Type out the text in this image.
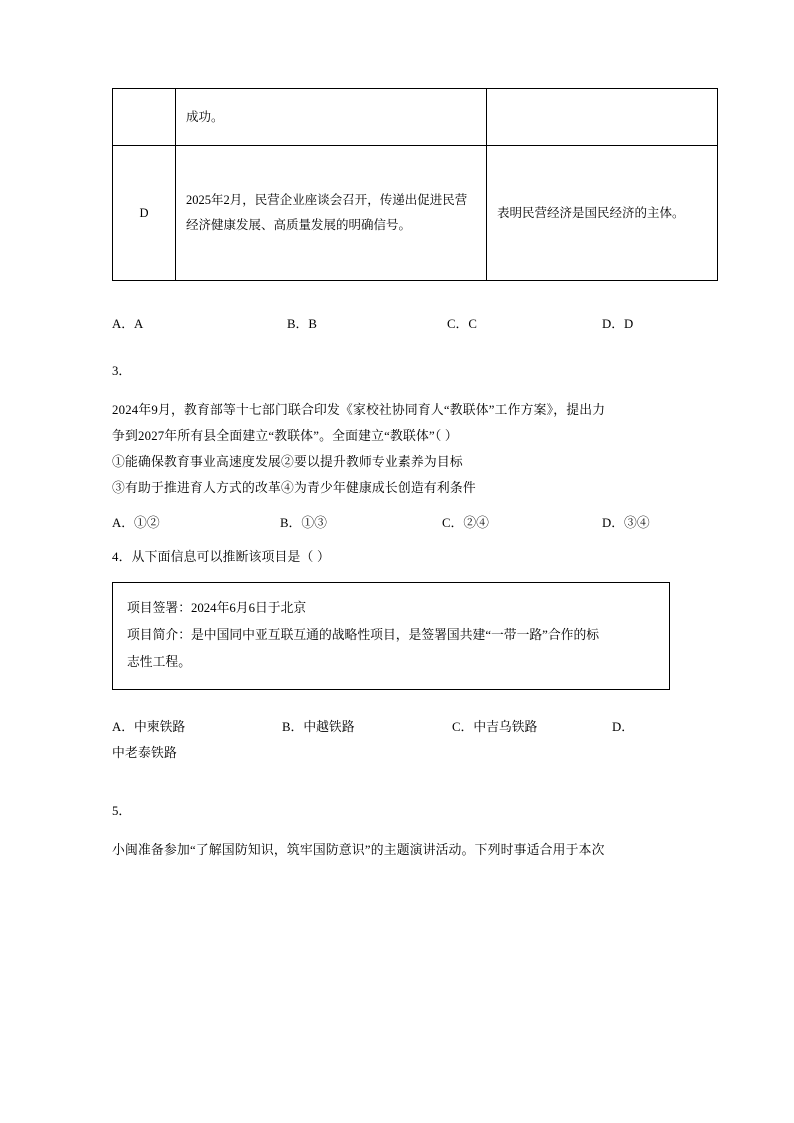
	成功。	
D	2025年2月，民营企业座谈会召开，传递出促进民营经济健康发展、高质量发展的明确信号。	表明民营经济是国民经济的主体。
A．A	B．B	C．C	D．D

3．

2024年9月，教育部等十七部门联合印发《家校社协同育人“教联体”工作方案》，提出力

争到2027年所有县全面建立“教联体”。全面建立“教联体”（ ）

①能确保教育事业高速度发展②要以提升教师专业素养为目标

③有助于推进育人方式的改革④为青少年健康成长创造有利条件

A．①②	B．①③	C．②④	D．③④

4．从下面信息可以推断该项目是（ ）

项目签署：2024年6月6日于北京
项目简介：是中国同中亚互联互通的战略性项目，是签署国共建“一带一路”合作的标
志性工程。
A．中柬铁路	B．中越铁路	C．中吉乌铁路	D．

中老泰铁路

5．

小闽准备参加“了解国防知识，筑牢国防意识”的主题演讲活动。下列时事适合用于本次
